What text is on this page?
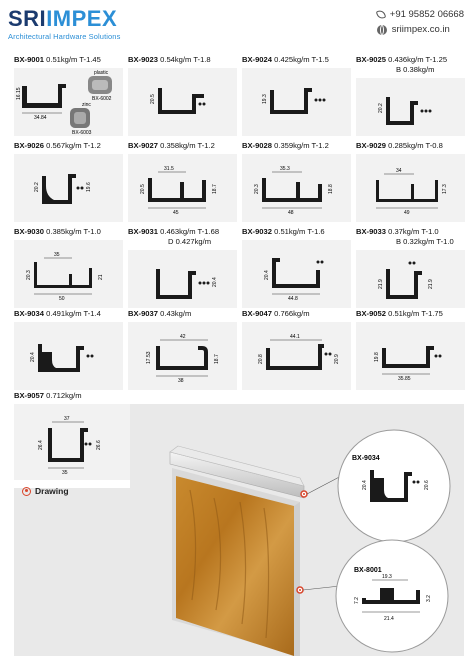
SRIIMPEX
Architectural Hardware Solutions
+91 95852 06668
sriimpex.co.in
BX-9001 0.51kg/m T-1.45
34.84
16.15
plastic
BX-6002
zinc
BX-6003
BX-9023 0.54kg/m T-1.8
20.5
BX-9024 0.425kg/m T-1.5
19.3
BX-9025 0.436kg/m T-1.25
B 0.38kg/m
20.2
BX-9026 0.567kg/m T-1.2
20.2	19.6
BX-9027 0.358kg/m T-1.2
31.5
45
20.5	18.7
BX-9028 0.359kg/m T-1.2
35.3
48
20.3	18.8
BX-9029 0.285kg/m T-0.8
34
49
17.3
BX-9030 0.385kg/m T-1.0
35
50
20.3	21
BX-9031 0.463kg/m T-1.68
D 0.427kg/m
20.4
BX-9032 0.51kg/m T-1.6
44.8
20.4
BX-9033 0.37kg/m T-1.0
B 0.32kg/m T-1.0
21.9	21.9
BX-9034 0.491kg/m T-1.4
20.4
BX-9037 0.43kg/m
42
38
17.53	18.7
BX-9047 0.766kg/m
44.1
20.8	20.9
BX-9052 0.51kg/m T-1.75
35.85
19.8
BX-9057 0.712kg/m
37
35
26.4	26.6
BX-9034
20.4	20.6
BX-8001
19.3
21.4
7.2	3.2
Drawing
